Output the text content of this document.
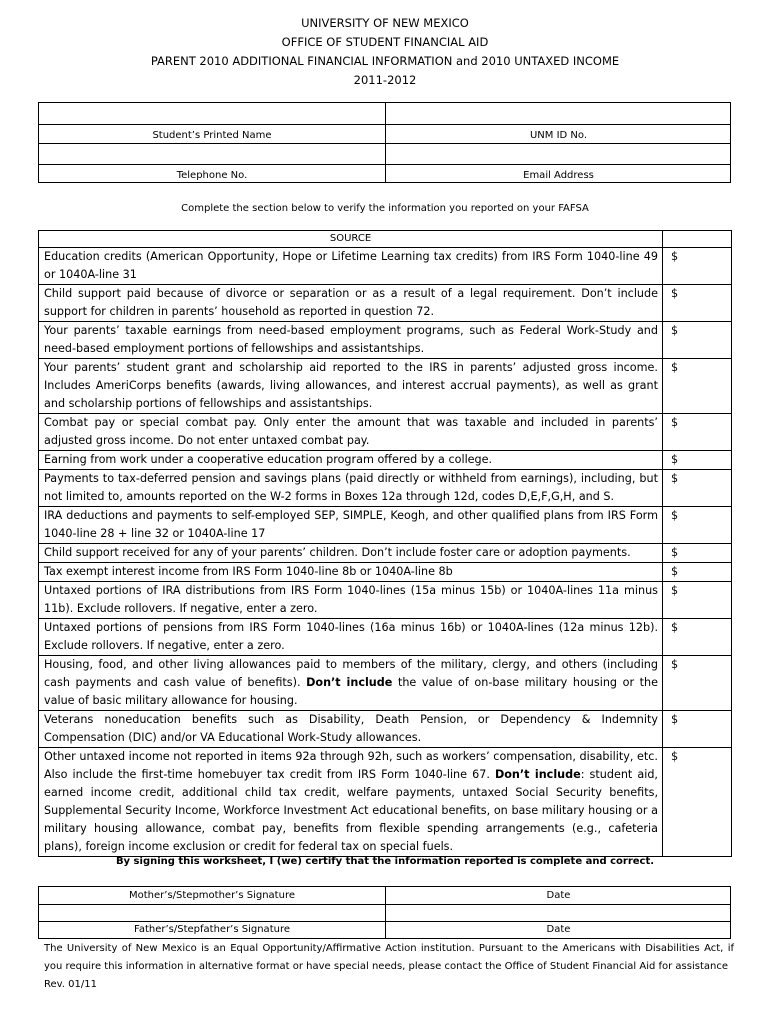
UNIVERSITY OF NEW MEXICO
OFFICE OF STUDENT FINANCIAL AID
PARENT 2010 ADDITIONAL FINANCIAL INFORMATION and 2010 UNTAXED INCOME
2011-2012
Student’s Printed Name	UNM ID No.
Telephone No.	Email Address
Complete the section below to verify the information you reported on your FAFSA
SOURCE	
Education credits (American Opportunity, Hope or Lifetime Learning tax credits) from IRS Form 1040-line 49 or 1040A-line 31	$
Child support paid because of divorce or separation or as a result of a legal requirement. Don’t include support for children in parents’ household as reported in question 72.	$
Your parents’ taxable earnings from need-based employment programs, such as Federal Work-Study and need-based employment portions of fellowships and assistantships.	$
Your parents’ student grant and scholarship aid reported to the IRS in parents’ adjusted gross income. Includes AmeriCorps benefits (awards, living allowances, and interest accrual payments), as well as grant and scholarship portions of fellowships and assistantships.	$
Combat pay or special combat pay. Only enter the amount that was taxable and included in parents’ adjusted gross income. Do not enter untaxed combat pay.	$
Earning from work under a cooperative education program offered by a college.	$
Payments to tax-deferred pension and savings plans (paid directly or withheld from earnings), including, but not limited to, amounts reported on the W-2 forms in Boxes 12a through 12d, codes D,E,F,G,H, and S.	$
IRA deductions and payments to self-employed SEP, SIMPLE, Keogh, and other qualified plans from IRS Form 1040-line 28 + line 32 or 1040A-line 17	$
Child support received for any of your parents’ children. Don’t include foster care or adoption payments.	$
Tax exempt interest income from IRS Form 1040-line 8b or 1040A-line 8b	$
Untaxed portions of IRA distributions from IRS Form 1040-lines (15a minus 15b) or 1040A-lines 11a minus 11b). Exclude rollovers. If negative, enter a zero.	$
Untaxed portions of pensions from IRS Form 1040-lines (16a minus 16b) or 1040A-lines (12a minus 12b). Exclude rollovers. If negative, enter a zero.	$
Housing, food, and other living allowances paid to members of the military, clergy, and others (including cash payments and cash value of benefits). Don’t include the value of on-base military housing or the value of basic military allowance for housing.	$
Veterans noneducation benefits such as Disability, Death Pension, or Dependency & Indemnity Compensation (DIC) and/or VA Educational Work-Study allowances.	$
Other untaxed income not reported in items 92a through 92h, such as workers’ compensation, disability, etc. Also include the first-time homebuyer tax credit from IRS Form 1040-line 67. Don’t include: student aid, earned income credit, additional child tax credit, welfare payments, untaxed Social Security benefits, Supplemental Security Income, Workforce Investment Act educational benefits, on base military housing or a military housing allowance, combat pay, benefits from flexible spending arrangements (e.g., cafeteria plans), foreign income exclusion or credit for federal tax on special fuels.	$
By signing this worksheet, I (we) certify that the information reported is complete and correct.
Mother’s/Stepmother’s Signature	Date
Father’s/Stepfather’s Signature	Date
The University of New Mexico is an Equal Opportunity/Affirmative Action institution. Pursuant to the Americans with Disabilities Act, if you require this information in alternative format or have special needs, please contact the Office of Student Financial Aid for assistance
Rev. 01/11
